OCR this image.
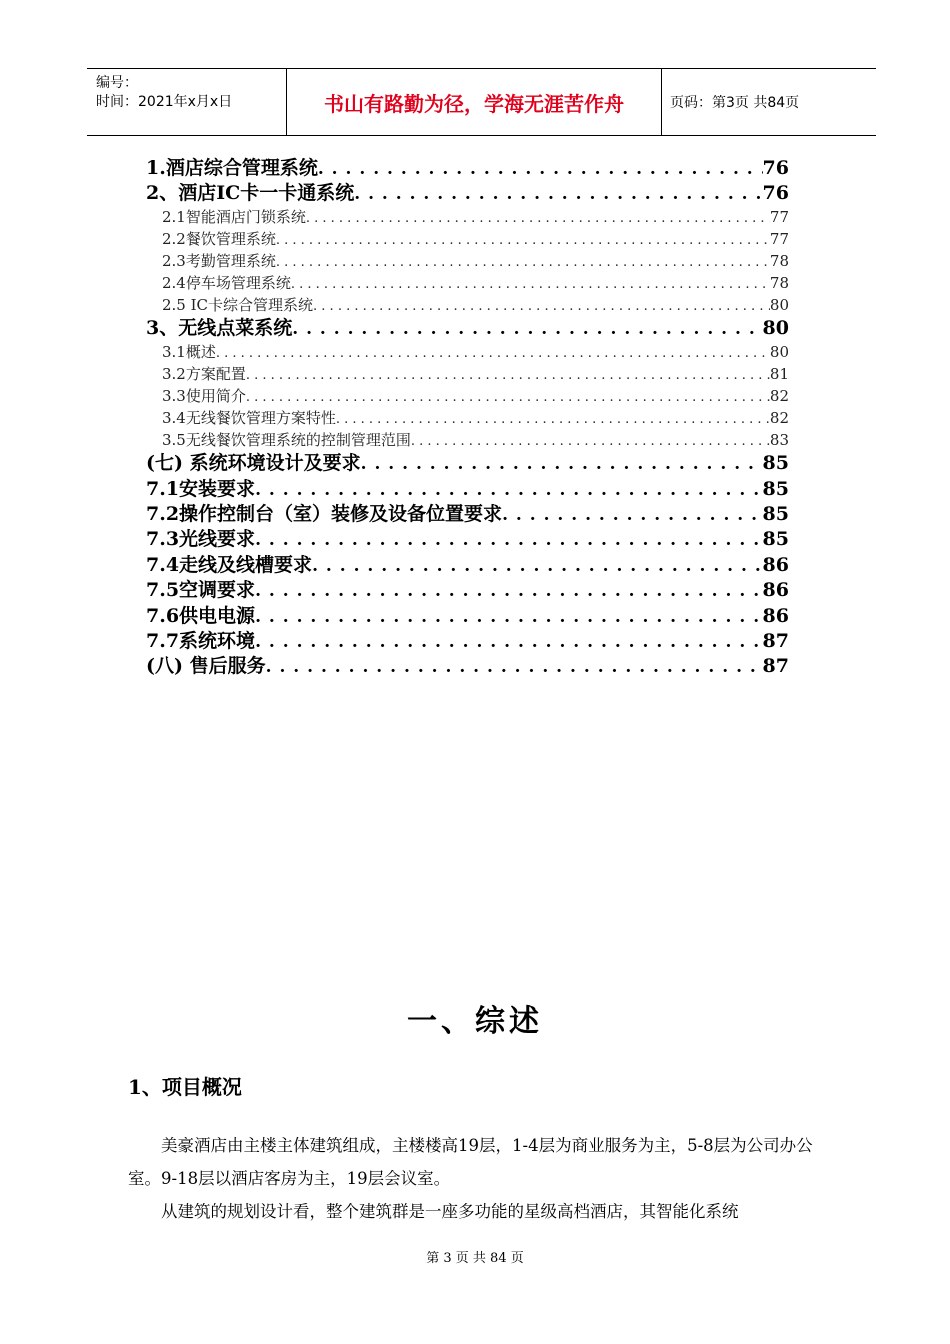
编号：
时间：2021年x月x日	书山有路勤为径，学海无涯苦作舟	页码：第3页 共84页
1.酒店综合管理系统 . . .	76
2、酒店IC卡一卡通系统 . . .	76
2.1智能酒店门锁系统 . . .	77
2.2餐饮管理系统 . . .	77
2.3考勤管理系统 . . .	78
2.4停车场管理系统 . . .	78
2.5 IC卡综合管理系统 . . .	80
3、无线点菜系统 . . .	80
3.1概述 . . .	80
3.2方案配置 . . .	81
3.3使用简介 . . .	82
3.4无线餐饮管理方案特性 . . .	82
3.5无线餐饮管理系统的控制管理范围 . . .	83
(七) 系统环境设计及要求 . . .	85
7.1安装要求 . . .	85
7.2操作控制台（室）装修及设备位置要求 . . .	85
7.3光线要求 . . .	85
7.4走线及线槽要求 . . .	86
7.5空调要求 . . .	86
7.6供电电源 . . .	86
7.7系统环境 . . .	87
(八) 售后服务 . . .	87
一、综述
1、项目概况
　　美豪酒店由主楼主体建筑组成，主楼楼高19层，1-4层为商业服务为主，5-8层为公司办公室。9-18层以酒店客房为主，19层会议室。
　　从建筑的规划设计看，整个建筑群是一座多功能的星级高档酒店，其智能化系统
第 3 页 共 84 页
